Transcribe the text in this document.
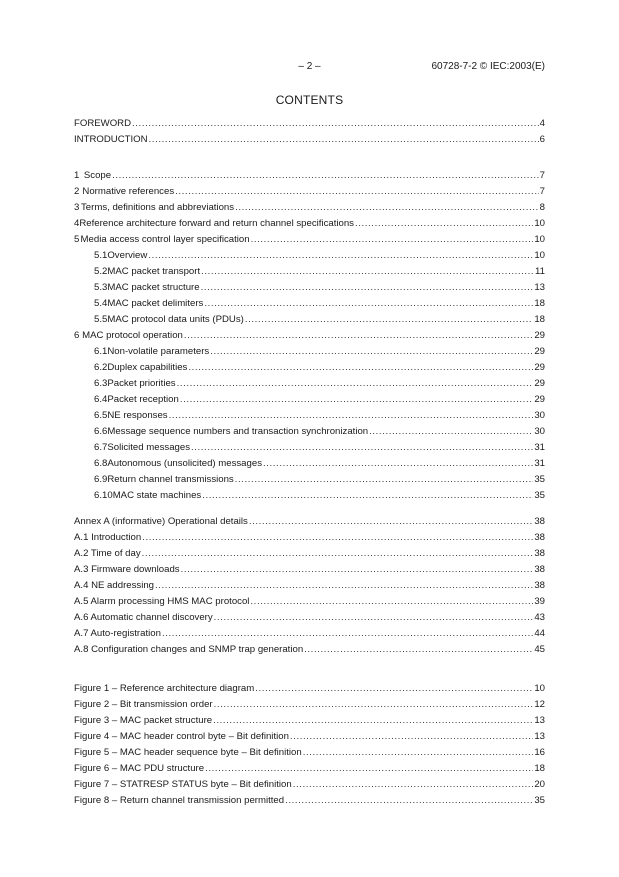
– 2 –	60728-7-2 © IEC:2003(E)
CONTENTS
FOREWORD .....	4
INTRODUCTION .....	6
1 Scope .....	7
2 Normative references .....	7
3 Terms, definitions and abbreviations .....	8
4 Reference architecture forward and return channel specifications .....	10
5 Media access control layer specification .....	10
5.1 Overview .....	10
5.2 MAC packet transport .....	11
5.3 MAC packet structure .....	13
5.4 MAC packet delimiters .....	18
5.5 MAC protocol data units (PDUs) .....	18
6 MAC protocol operation .....	29
6.1 Non-volatile parameters .....	29
6.2 Duplex capabilities .....	29
6.3 Packet priorities .....	29
6.4 Packet reception .....	29
6.5 NE responses .....	30
6.6 Message sequence numbers and transaction synchronization .....	30
6.7 Solicited messages .....	31
6.8 Autonomous (unsolicited) messages .....	31
6.9 Return channel transmissions .....	35
6.10 MAC state machines .....	35
Annex A (informative) Operational details .....	38
A.1 Introduction .....	38
A.2 Time of day .....	38
A.3 Firmware downloads .....	38
A.4 NE addressing .....	38
A.5 Alarm processing HMS MAC protocol .....	39
A.6 Automatic channel discovery .....	43
A.7 Auto-registration .....	44
A.8 Configuration changes and SNMP trap generation .....	45
Figure 1 – Reference architecture diagram .....	10
Figure 2 – Bit transmission order .....	12
Figure 3 – MAC packet structure .....	13
Figure 4 – MAC header control byte – Bit definition .....	13
Figure 5 – MAC header sequence byte – Bit definition .....	16
Figure 6 – MAC PDU structure .....	18
Figure 7 – STATRESP STATUS byte – Bit definition .....	20
Figure 8 – Return channel transmission permitted .....	35
